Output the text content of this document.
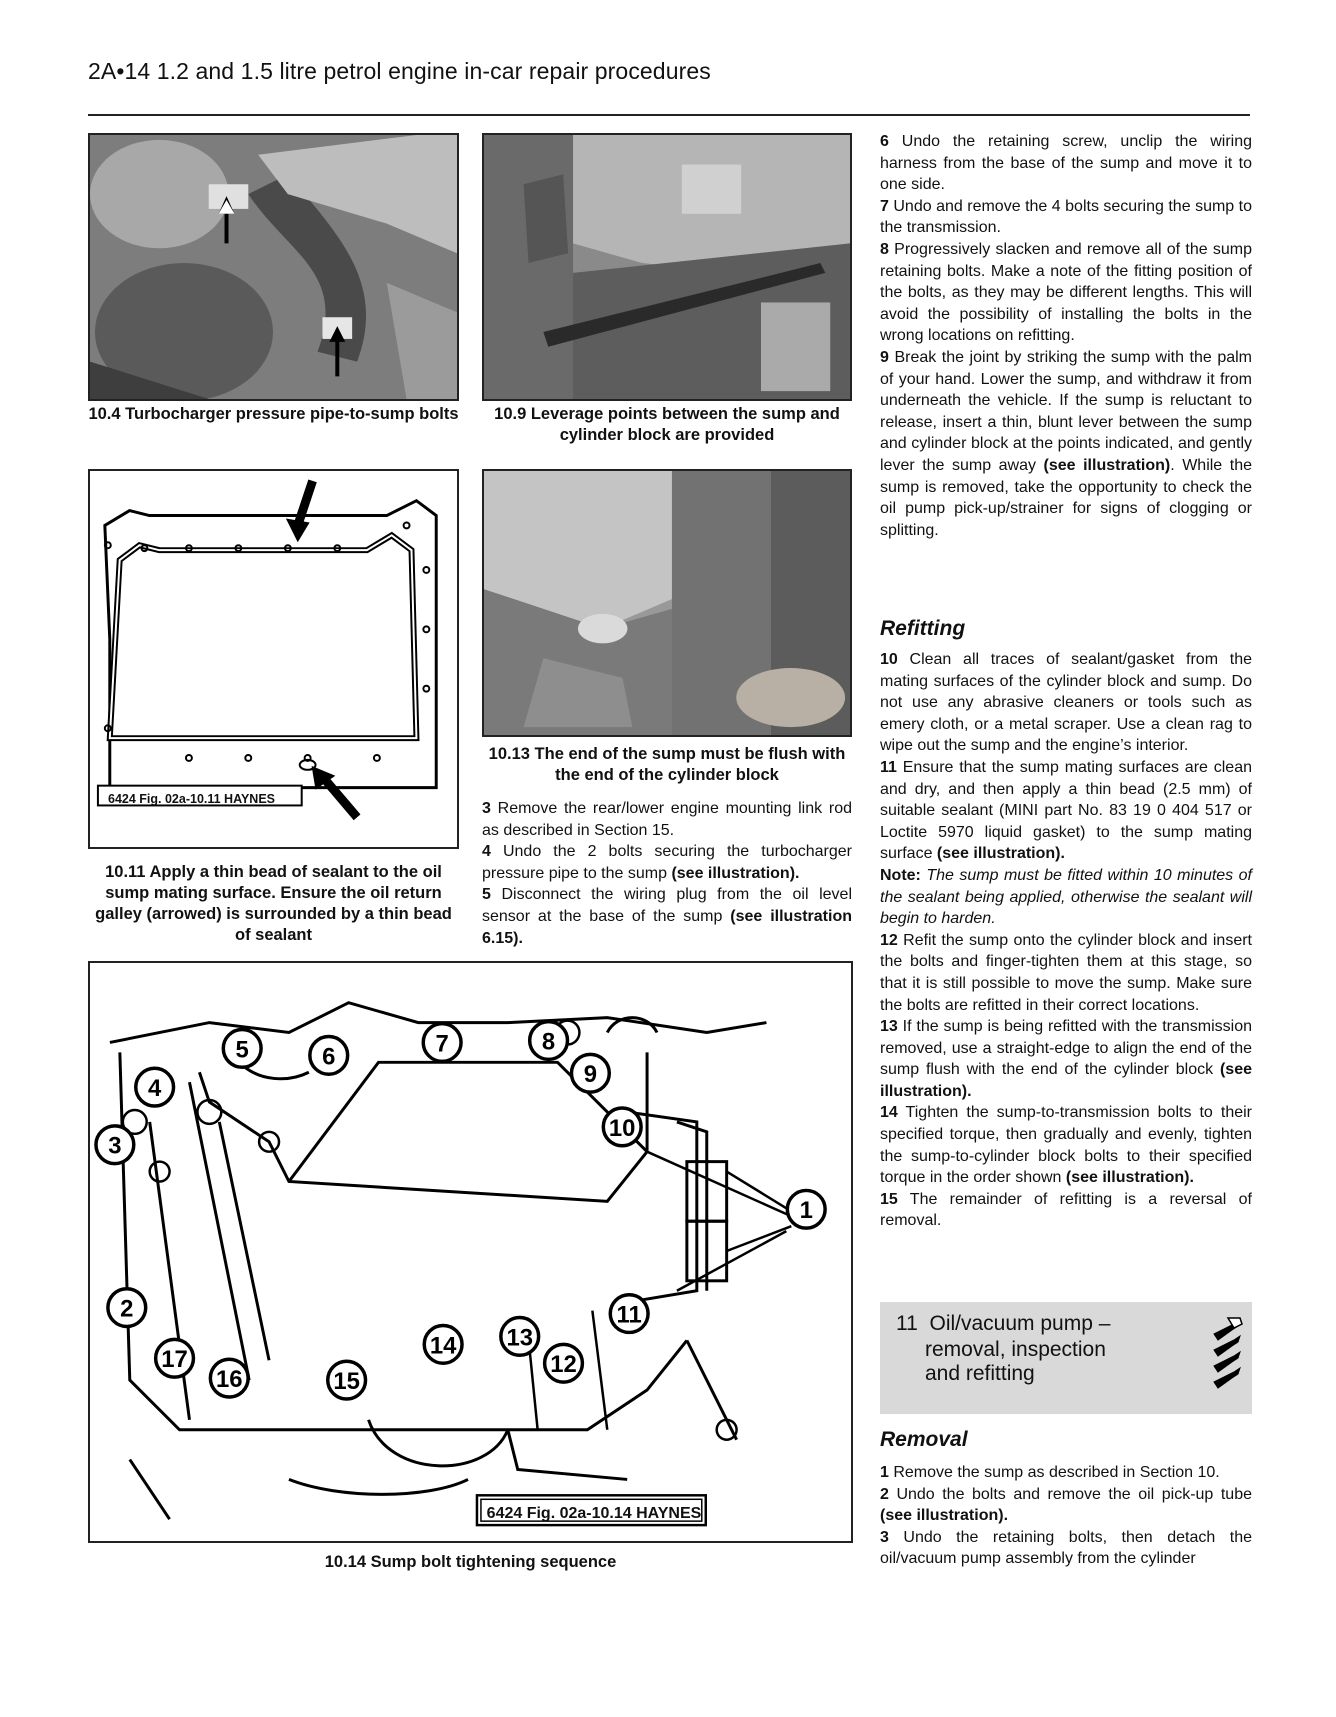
2A•14 1.2 and 1.5 litre petrol engine in-car repair procedures
10.4 Turbocharger pressure pipe-to-sump bolts	10.9 Leverage points between the sump and cylinder block are provided
6424 Fig. 02a-10.11 HAYNES
10.11 Apply a thin bead of sealant to the oil sump mating surface. Ensure the oil return galley (arrowed) is surrounded by a thin bead of sealant
10.13 The end of the sump must be flush with the end of the cylinder block

3 Remove the rear/lower engine mounting link rod as described in Section 15.

4 Undo the 2 bolts securing the turbocharger pressure pipe to the sump (see illustration).

5 Disconnect the wiring plug from the oil level sensor at the base of the sump (see illustration 6.15).

1
2
3
4
5	6	7	8
9
10
11
12
13
14
15
16
17
6424 Fig. 02a-10.14 HAYNES
10.14 Sump bolt tightening sequence

6 Undo the retaining screw, unclip the wiring harness from the base of the sump and move it to one side.

7 Undo and remove the 4 bolts securing the sump to the transmission.

8 Progressively slacken and remove all of the sump retaining bolts. Make a note of the fitting position of the bolts, as they may be different lengths. This will avoid the possibility of installing the bolts in the wrong locations on refitting.

9 Break the joint by striking the sump with the palm of your hand. Lower the sump, and withdraw it from underneath the vehicle. If the sump is reluctant to release, insert a thin, blunt lever between the sump and cylinder block at the points indicated, and gently lever the sump away (see illustration). While the sump is removed, take the opportunity to check the oil pump pick-up/strainer for signs of clogging or splitting.

Refitting

10 Clean all traces of sealant/gasket from the mating surfaces of the cylinder block and sump. Do not use any abrasive cleaners or tools such as emery cloth, or a metal scraper. Use a clean rag to wipe out the sump and the engine’s interior.

11 Ensure that the sump mating surfaces are clean and dry, and then apply a thin bead (2.5 mm) of suitable sealant (MINI part No. 83 19 0 404 517 or Loctite 5970 liquid gasket) to the sump mating surface (see illustration).

Note: The sump must be fitted within 10 minutes of the sealant being applied, otherwise the sealant will begin to harden.

12 Refit the sump onto the cylinder block and insert the bolts and finger-tighten them at this stage, so that it is still possible to move the sump. Make sure the bolts are refitted in their correct locations.

13 If the sump is being refitted with the transmission removed, use a straight-edge to align the end of the sump flush with the end of the cylinder block (see illustration).

14 Tighten the sump-to-transmission bolts to their specified torque, then gradually and evenly, tighten the sump-to-cylinder block bolts to their specified torque in the order shown (see illustration).

15 The remainder of refitting is a reversal of removal.

11 Oil/vacuum pump –
removal, inspection
and refitting
Removal

1 Remove the sump as described in Section 10.

2 Undo the bolts and remove the oil pick-up tube (see illustration).

3 Undo the retaining bolts, then detach the oil/vacuum pump assembly from the cylinder
